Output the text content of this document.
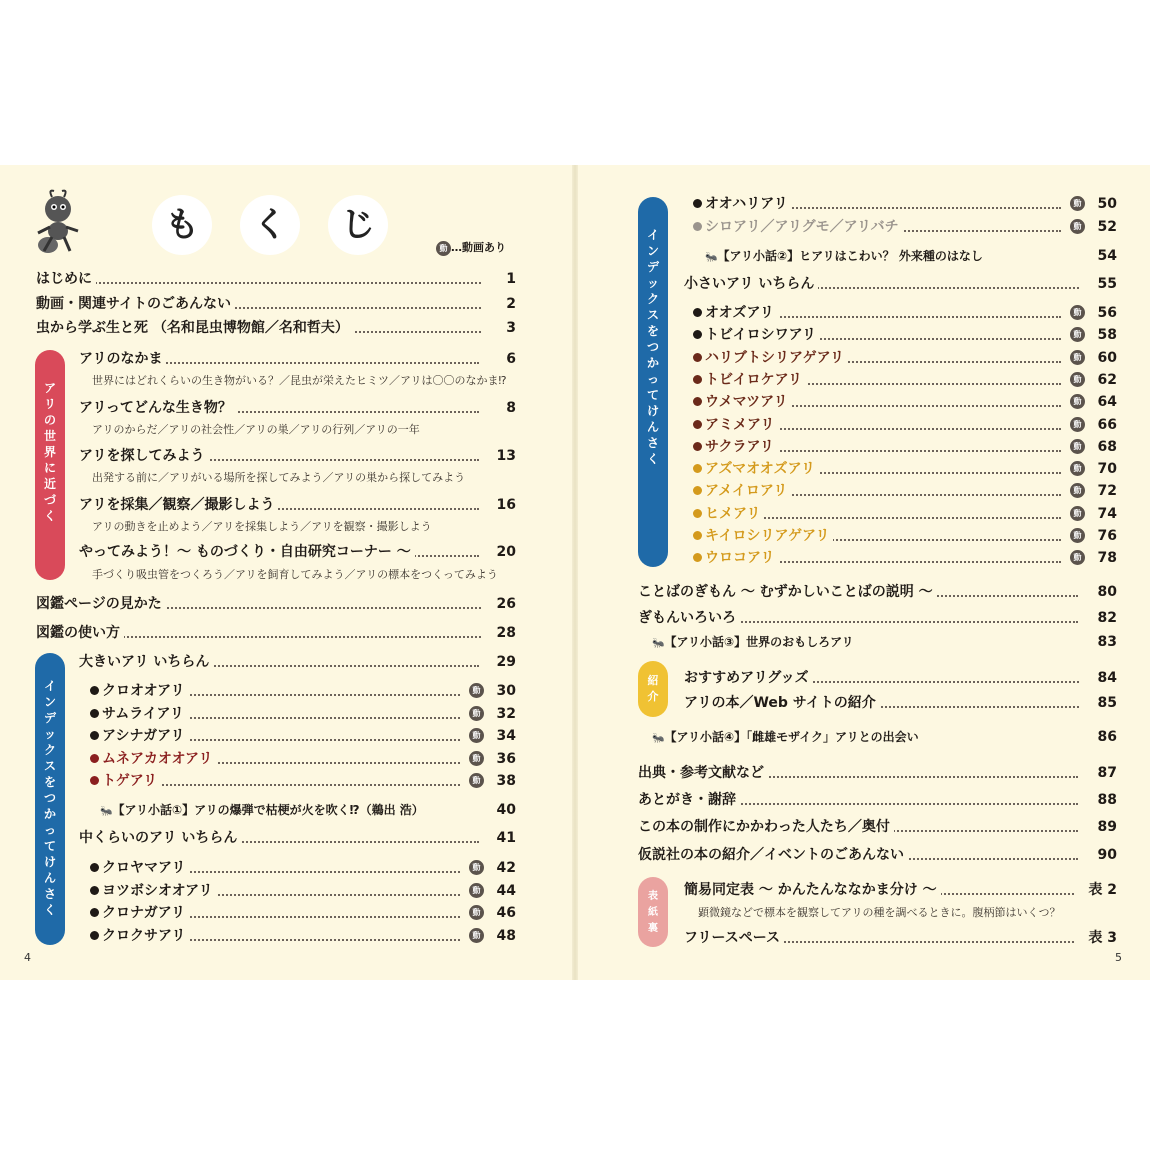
も	く	じ
動 …動画あり
はじめに	1
動画・関連サイトのごあんない	2
虫から学ぶ生と死 （名和昆虫博物館／名和哲夫）	3
ア
リ
の
世
界
に
近
づ
く
アリのなかま	6
世界にはどれくらいの生き物がいる？／昆虫が栄えたヒミツ／アリは〇〇のなかま⁉
アリってどんな生き物？	8
アリのからだ／アリの社会性／アリの巣／アリの行列／アリの一年
アリを探してみよう	13
出発する前に／アリがいる場所を探してみよう／アリの巣から探してみよう
アリを採集／観察／撮影しよう	16
アリの動きを止めよう／アリを採集しよう／アリを観察・撮影しよう
やってみよう！～ ものづくり・自由研究コーナー ～	20
手づくり吸虫管をつくろう／アリを飼育してみよう／アリの標本をつくってみよう
図鑑ページの見かた	26
図鑑の使い方	28
イ
ン
デ
ッ
ク
ス
を
つ
か
っ
て
け
ん
さ
く
大きいアリ いちらん	29
クロオオアリ	動	30
サムライアリ	動	32
アシナガアリ	動	34
ムネアカオオアリ	動	36
トゲアリ	動	38
🐜【アリ小話①】アリの爆弾で枯梗が火を吹く⁉（鵜出 浩）	40
中くらいのアリ いちらん	41
クロヤマアリ	動	42
ヨツボシオオアリ	動	44
クロナガアリ	動	46
クロクサアリ	動	48
4
イ
ン
デ
ッ
ク
ス
を
つ
か
っ
て
け
ん
さ
く
オオハリアリ	動	50
シロアリ／アリグモ／アリバチ	動	52
🐜【アリ小話②】ヒアリはこわい？ 外来種のはなし	54
小さいアリ いちらん	55
オオズアリ	動	56
トビイロシワアリ	動	58
ハリブトシリアゲアリ	動	60
トビイロケアリ	動	62
ウメマツアリ	動	64
アミメアリ	動	66
サクラアリ	動	68
アズマオオズアリ	動	70
アメイロアリ	動	72
ヒメアリ	動	74
キイロシリアゲアリ	動	76
ウロコアリ	動	78
ことばのぎもん ～ むずかしいことばの説明 ～	80
ぎもんいろいろ	82
🐜【アリ小話③】世界のおもしろアリ	83
紹
介
おすすめアリグッズ	84
アリの本／Web サイトの紹介	85
🐜【アリ小話④】「雌雄モザイク」アリとの出会い	86
出典・参考文献など	87
あとがき・謝辞	88
この本の制作にかかわった人たち／奥付	89
仮説社の本の紹介／イベントのごあんない	90
表
紙
裏
簡易同定表 ～ かんたんななかま分け ～	表 2
顕微鏡などで標本を観察してアリの種を調べるときに。腹柄節はいくつ？
フリースペース	表 3
5
